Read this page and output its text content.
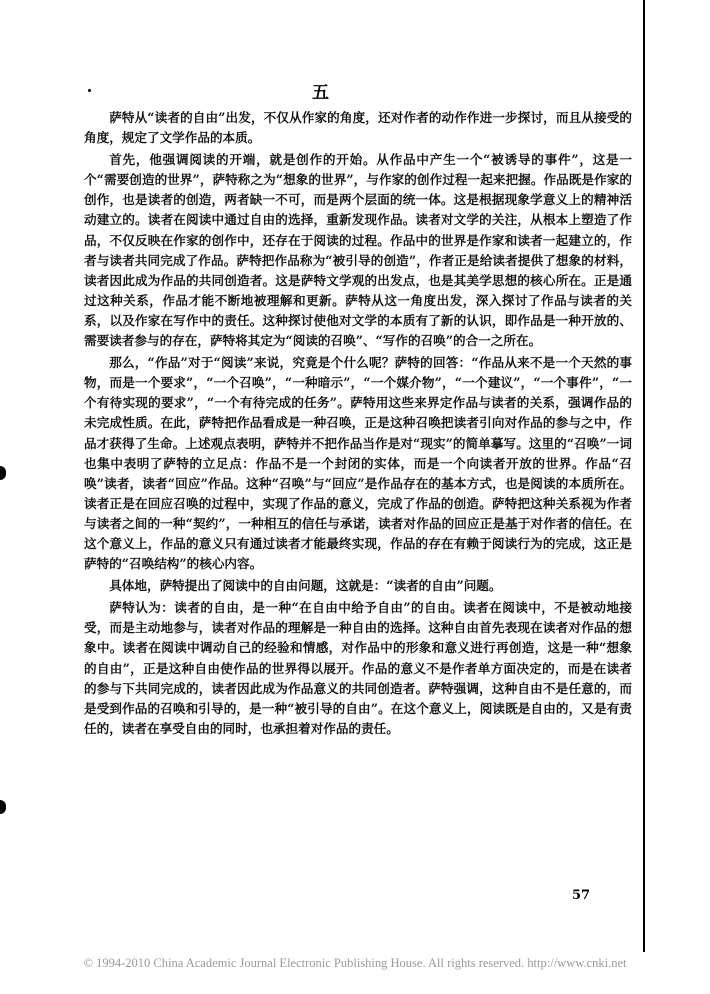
五

萨特从“读者的自由”出发，不仅从作家的角度，还对作者的动作作进一步探讨，而且从接受的角度，规定了文学作品的本质。

首先，他强调阅读的开端，就是创作的开始。从作品中产生一个“被诱导的事件”，这是一个“需要创造的世界”，萨特称之为“想象的世界”，与作家的创作过程一起来把握。作品既是作家的创作，也是读者的创造，两者缺一不可，而是两个层面的统一体。这是根据现象学意义上的精神活动建立的。读者在阅读中通过自由的选择，重新发现作品。读者对文学的关注，从根本上塑造了作品，不仅反映在作家的创作中，还存在于阅读的过程。作品中的世界是作家和读者一起建立的，作者与读者共同完成了作品。萨特把作品称为“被引导的创造”，作者正是给读者提供了想象的材料，读者因此成为作品的共同创造者。这是萨特文学观的出发点，也是其美学思想的核心所在。正是通过这种关系，作品才能不断地被理解和更新。萨特从这一角度出发，深入探讨了作品与读者的关系，以及作家在写作中的责任。这种探讨使他对文学的本质有了新的认识，即作品是一种开放的、需要读者参与的存在，萨特将其定为“阅读的召唤”、“写作的召唤”的合一之所在。

那么，“作品”对于“阅读”来说，究竟是个什么呢？萨特的回答：“作品从来不是一个天然的事物，而是一个要求”，“一个召唤”，“一种暗示”，“一个媒介物”，“一个建议”，“一个事件”，“一个有待实现的要求”，“一个有待完成的任务”。萨特用这些来界定作品与读者的关系，强调作品的未完成性质。在此，萨特把作品看成是一种召唤，正是这种召唤把读者引向对作品的参与之中，作品才获得了生命。上述观点表明，萨特并不把作品当作是对“现实”的简单摹写。这里的“召唤”一词也集中表明了萨特的立足点：作品不是一个封闭的实体，而是一个向读者开放的世界。作品“召唤”读者，读者“回应”作品。这种“召唤”与“回应”是作品存在的基本方式，也是阅读的本质所在。读者正是在回应召唤的过程中，实现了作品的意义，完成了作品的创造。萨特把这种关系视为作者与读者之间的一种“契约”，一种相互的信任与承诺，读者对作品的回应正是基于对作者的信任。在这个意义上，作品的意义只有通过读者才能最终实现，作品的存在有赖于阅读行为的完成，这正是萨特的“召唤结构”的核心内容。

具体地，萨特提出了阅读中的自由问题，这就是：“读者的自由”问题。

萨特认为：读者的自由，是一种“在自由中给予自由”的自由。读者在阅读中，不是被动地接受，而是主动地参与，读者对作品的理解是一种自由的选择。这种自由首先表现在读者对作品的想象中。读者在阅读中调动自己的经验和情感，对作品中的形象和意义进行再创造，这是一种“想象的自由”，正是这种自由使作品的世界得以展开。作品的意义不是作者单方面决定的，而是在读者的参与下共同完成的，读者因此成为作品意义的共同创造者。萨特强调，这种自由不是任意的，而是受到作品的召唤和引导的，是一种“被引导的自由”。在这个意义上，阅读既是自由的，又是有责任的，读者在享受自由的同时，也承担着对作品的责任。

57
© 1994-2010 China Academic Journal Electronic Publishing House. All rights reserved. http://www.cnki.net
